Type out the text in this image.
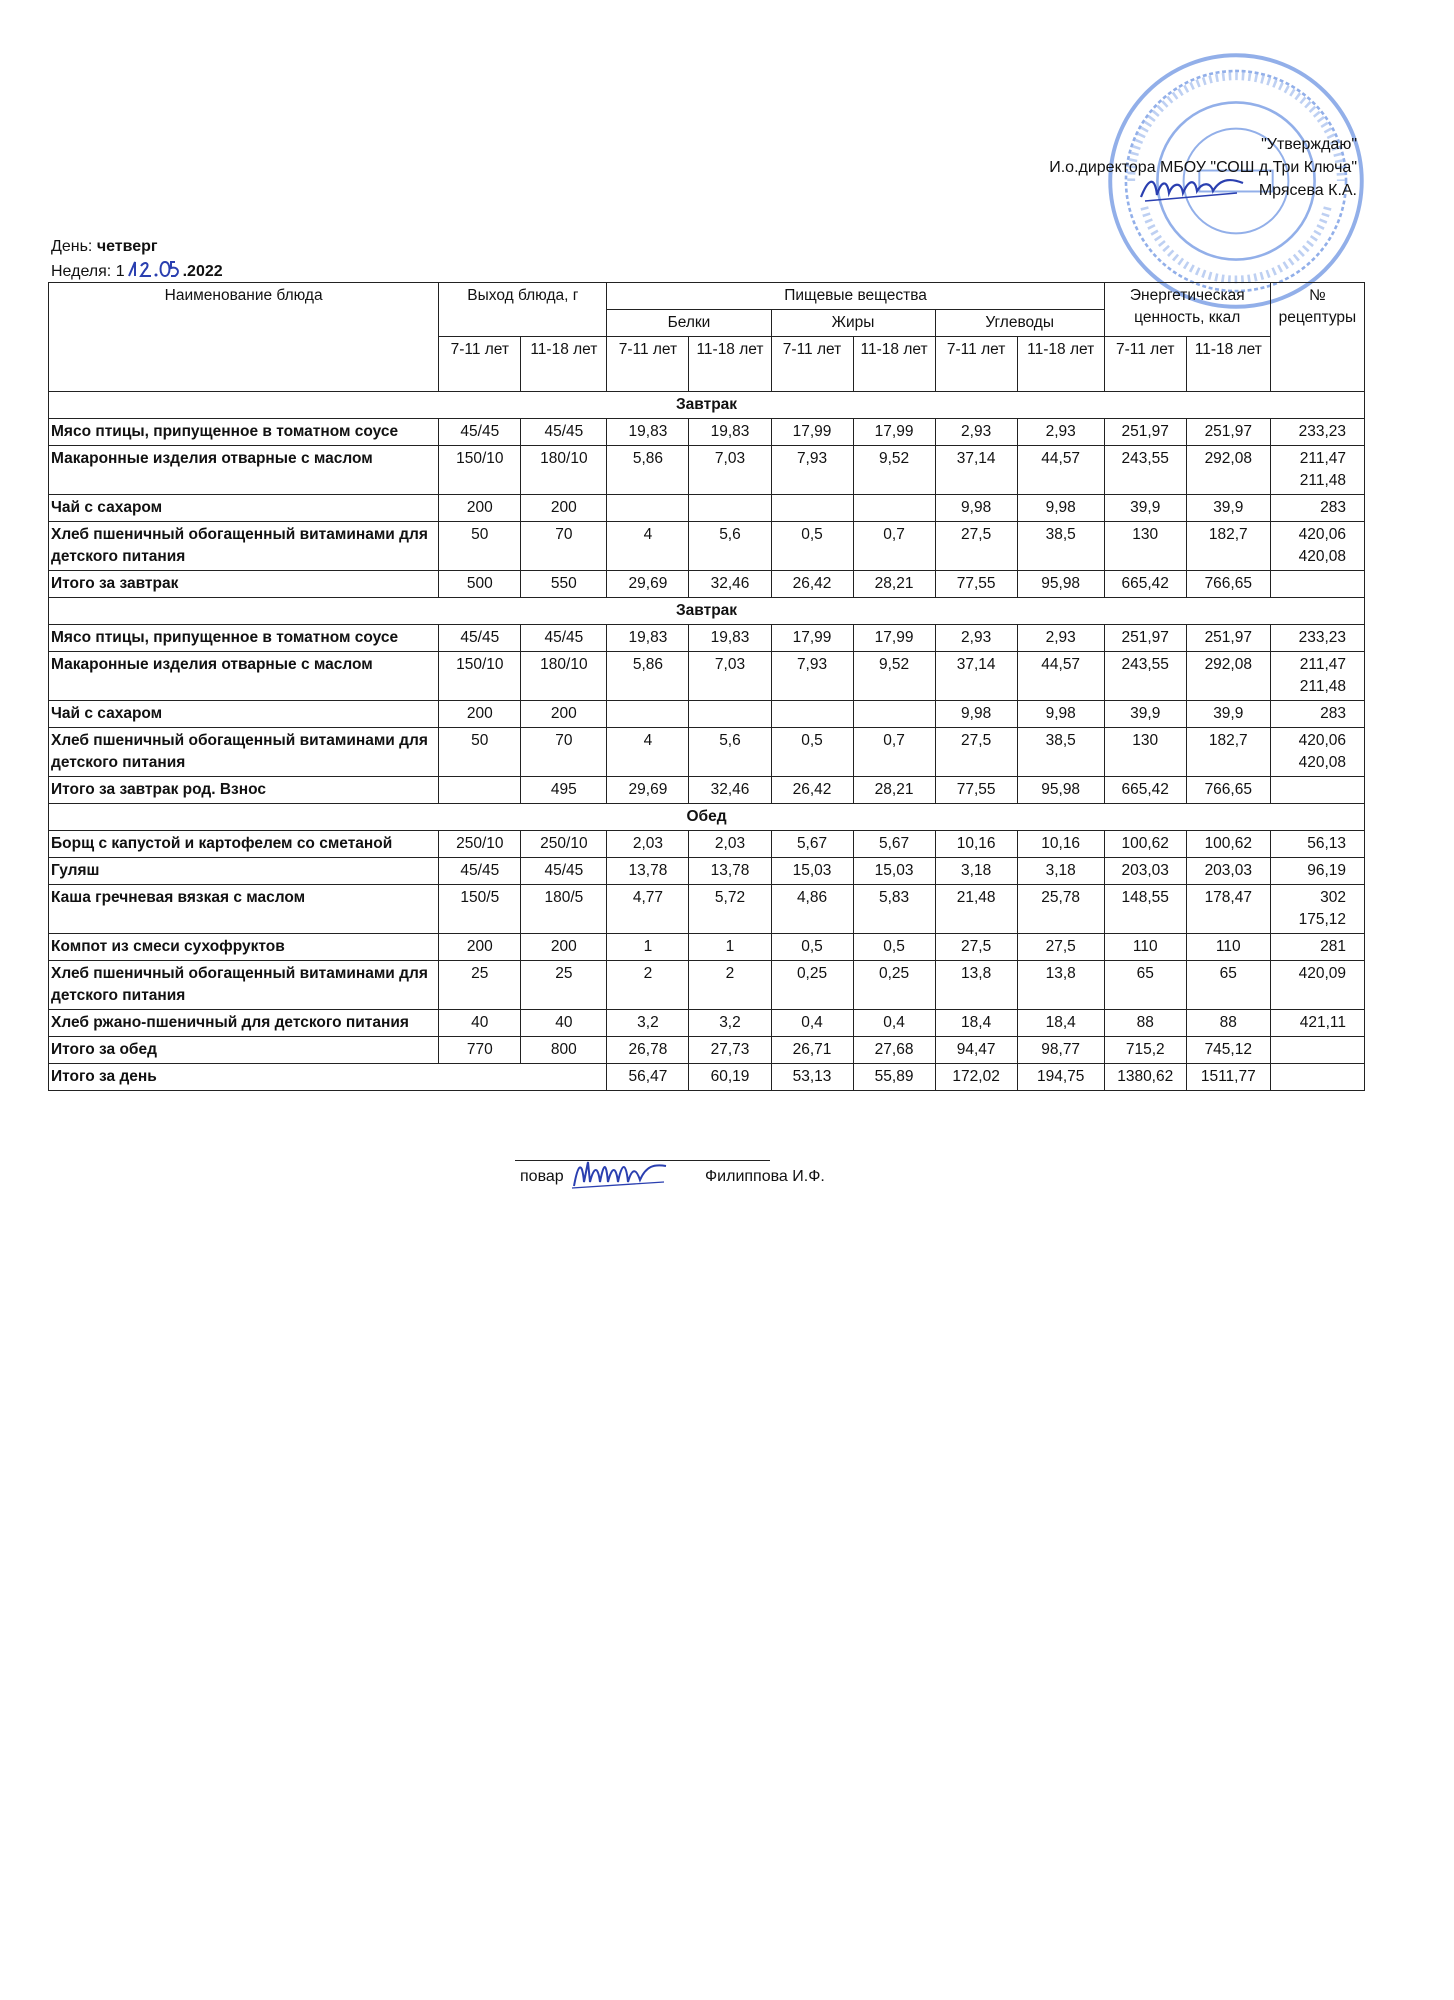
"Утверждаю"
И.о.директора МБОУ "СОШ д.Три Ключа"
Мрясева К.А.
День: четверг
Неделя: 1	.2022
Наименование блюда	Выход блюда, г		Пищевые вещества						Энергетическая ценность, ккал		№ рецептуры
			Белки		Жиры		Углеводы				
	7-11 лет	11-18 лет	7-11 лет	11-18 лет	7-11 лет	11-18 лет	7-11 лет	11-18 лет	7-11 лет	11-18 лет	
Завтрак											
Мясо птицы, припущенное в томатном соусе	45/45	45/45	19,83	19,83	17,99	17,99	2,93	2,93	251,97	251,97	233,23
Макаронные изделия отварные с маслом	150/10	180/10	5,86	7,03	7,93	9,52	37,14	44,57	243,55	292,08	211,47 211,48
Чай с сахаром	200	200					9,98	9,98	39,9	39,9	283
Хлеб пшеничный обогащенный витаминами для детского питания	50	70	4	5,6	0,5	0,7	27,5	38,5	130	182,7	420,06 420,08
Итого за завтрак	500	550	29,69	32,46	26,42	28,21	77,55	95,98	665,42	766,65	
Завтрак											
Мясо птицы, припущенное в томатном соусе	45/45	45/45	19,83	19,83	17,99	17,99	2,93	2,93	251,97	251,97	233,23
Макаронные изделия отварные с маслом	150/10	180/10	5,86	7,03	7,93	9,52	37,14	44,57	243,55	292,08	211,47 211,48
Чай с сахаром	200	200					9,98	9,98	39,9	39,9	283
Хлеб пшеничный обогащенный витаминами для детского питания	50	70	4	5,6	0,5	0,7	27,5	38,5	130	182,7	420,06 420,08
Итого за завтрак род. Взнос		495	29,69	32,46	26,42	28,21	77,55	95,98	665,42	766,65	
Обед											
Борщ с капустой и картофелем со сметаной	250/10	250/10	2,03	2,03	5,67	5,67	10,16	10,16	100,62	100,62	56,13
Гуляш	45/45	45/45	13,78	13,78	15,03	15,03	3,18	3,18	203,03	203,03	96,19
Каша гречневая вязкая с маслом	150/5	180/5	4,77	5,72	4,86	5,83	21,48	25,78	148,55	178,47	302 175,12
Компот из смеси сухофруктов	200	200	1	1	0,5	0,5	27,5	27,5	110	110	281
Хлеб пшеничный обогащенный витаминами для детского питания	25	25	2	2	0,25	0,25	13,8	13,8	65	65	420,09
Хлеб ржано-пшеничный для детского питания	40	40	3,2	3,2	0,4	0,4	18,4	18,4	88	88	421,11
Итого за обед	770	800	26,78	27,73	26,71	27,68	94,47	98,77	715,2	745,12	
Итого за день			56,47	60,19	53,13	55,89	172,02	194,75	1380,62	1511,77	
повар	Филиппова И.Ф.
